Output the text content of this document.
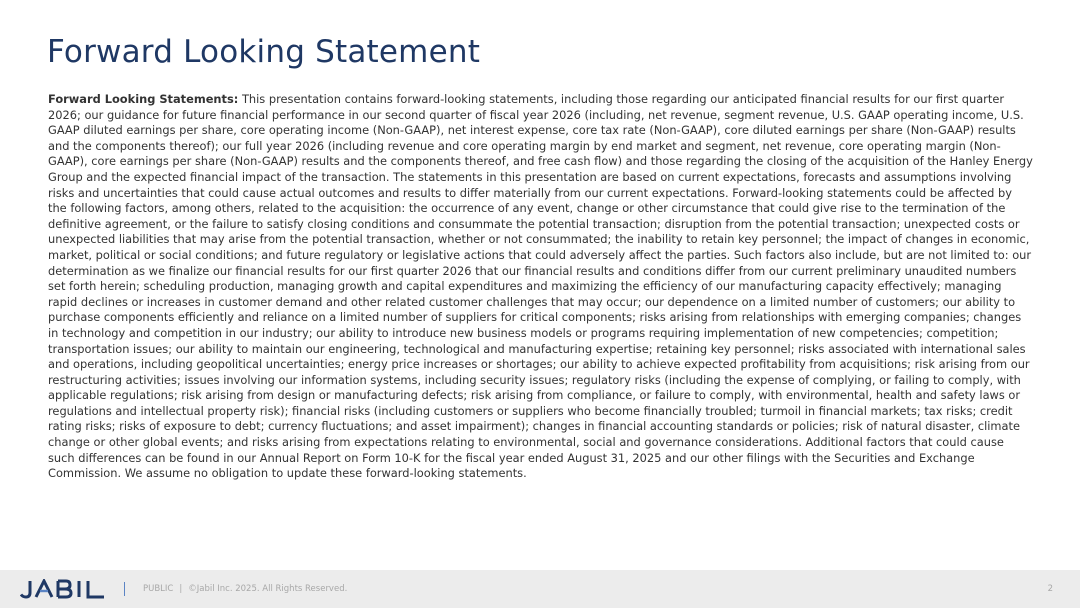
Forward Looking Statement

Forward Looking Statements: This presentation contains forward-looking statements, including those regarding our anticipated financial results for our first quarter 2026; our guidance for future financial performance in our second quarter of fiscal year 2026 (including, net revenue, segment revenue, U.S. GAAP operating income, U.S. GAAP diluted earnings per share, core operating income (Non-GAAP), net interest expense, core tax rate (Non-GAAP), core diluted earnings per share (Non-GAAP) results and the components thereof); our full year 2026 (including revenue and core operating margin by end market and segment, net revenue, core operating margin (Non-GAAP), core earnings per share (Non-GAAP) results and the components thereof, and free cash flow) and those regarding the closing of the acquisition of the Hanley Energy Group and the expected financial impact of the transaction. The statements in this presentation are based on current expectations, forecasts and assumptions involving risks and uncertainties that could cause actual outcomes and results to differ materially from our current expectations. Forward-looking statements could be affected by the following factors, among others, related to the acquisition: the occurrence of any event, change or other circumstance that could give rise to the termination of the definitive agreement, or the failure to satisfy closing conditions and consummate the potential transaction; disruption from the potential transaction; unexpected costs or unexpected liabilities that may arise from the potential transaction, whether or not consummated; the inability to retain key personnel; the impact of changes in economic, market, political or social conditions; and future regulatory or legislative actions that could adversely affect the parties. Such factors also include, but are not limited to: our determination as we finalize our financial results for our first quarter 2026 that our financial results and conditions differ from our current preliminary unaudited numbers set forth herein; scheduling production, managing growth and capital expenditures and maximizing the efficiency of our manufacturing capacity effectively; managing rapid declines or increases in customer demand and other related customer challenges that may occur; our dependence on a limited number of customers; our ability to purchase components efficiently and reliance on a limited number of suppliers for critical components; risks arising from relationships with emerging companies; changes in technology and competition in our industry; our ability to introduce new business models or programs requiring implementation of new competencies; competition; transportation issues; our ability to maintain our engineering, technological and manufacturing expertise; retaining key personnel; risks associated with international sales and operations, including geopolitical uncertainties; energy price increases or shortages; our ability to achieve expected profitability from acquisitions; risk arising from our restructuring activities; issues involving our information systems, including security issues; regulatory risks (including the expense of complying, or failing to comply, with applicable regulations; risk arising from design or manufacturing defects; risk arising from compliance, or failure to comply, with environmental, health and safety laws or regulations and intellectual property risk); financial risks (including customers or suppliers who become financially troubled; turmoil in financial markets; tax risks; credit rating risks; risks of exposure to debt; currency fluctuations; and asset impairment); changes in financial accounting standards or policies; risk of natural disaster, climate change or other global events; and risks arising from expectations relating to environmental, social and governance considerations. Additional factors that could cause such differences can be found in our Annual Report on Form 10-K for the fiscal year ended August 31, 2025 and our other filings with the Securities and Exchange Commission. We assume no obligation to update these forward-looking statements.

JABIL
PUBLIC | ©Jabil Inc. 2025. All Rights Reserved.	2
